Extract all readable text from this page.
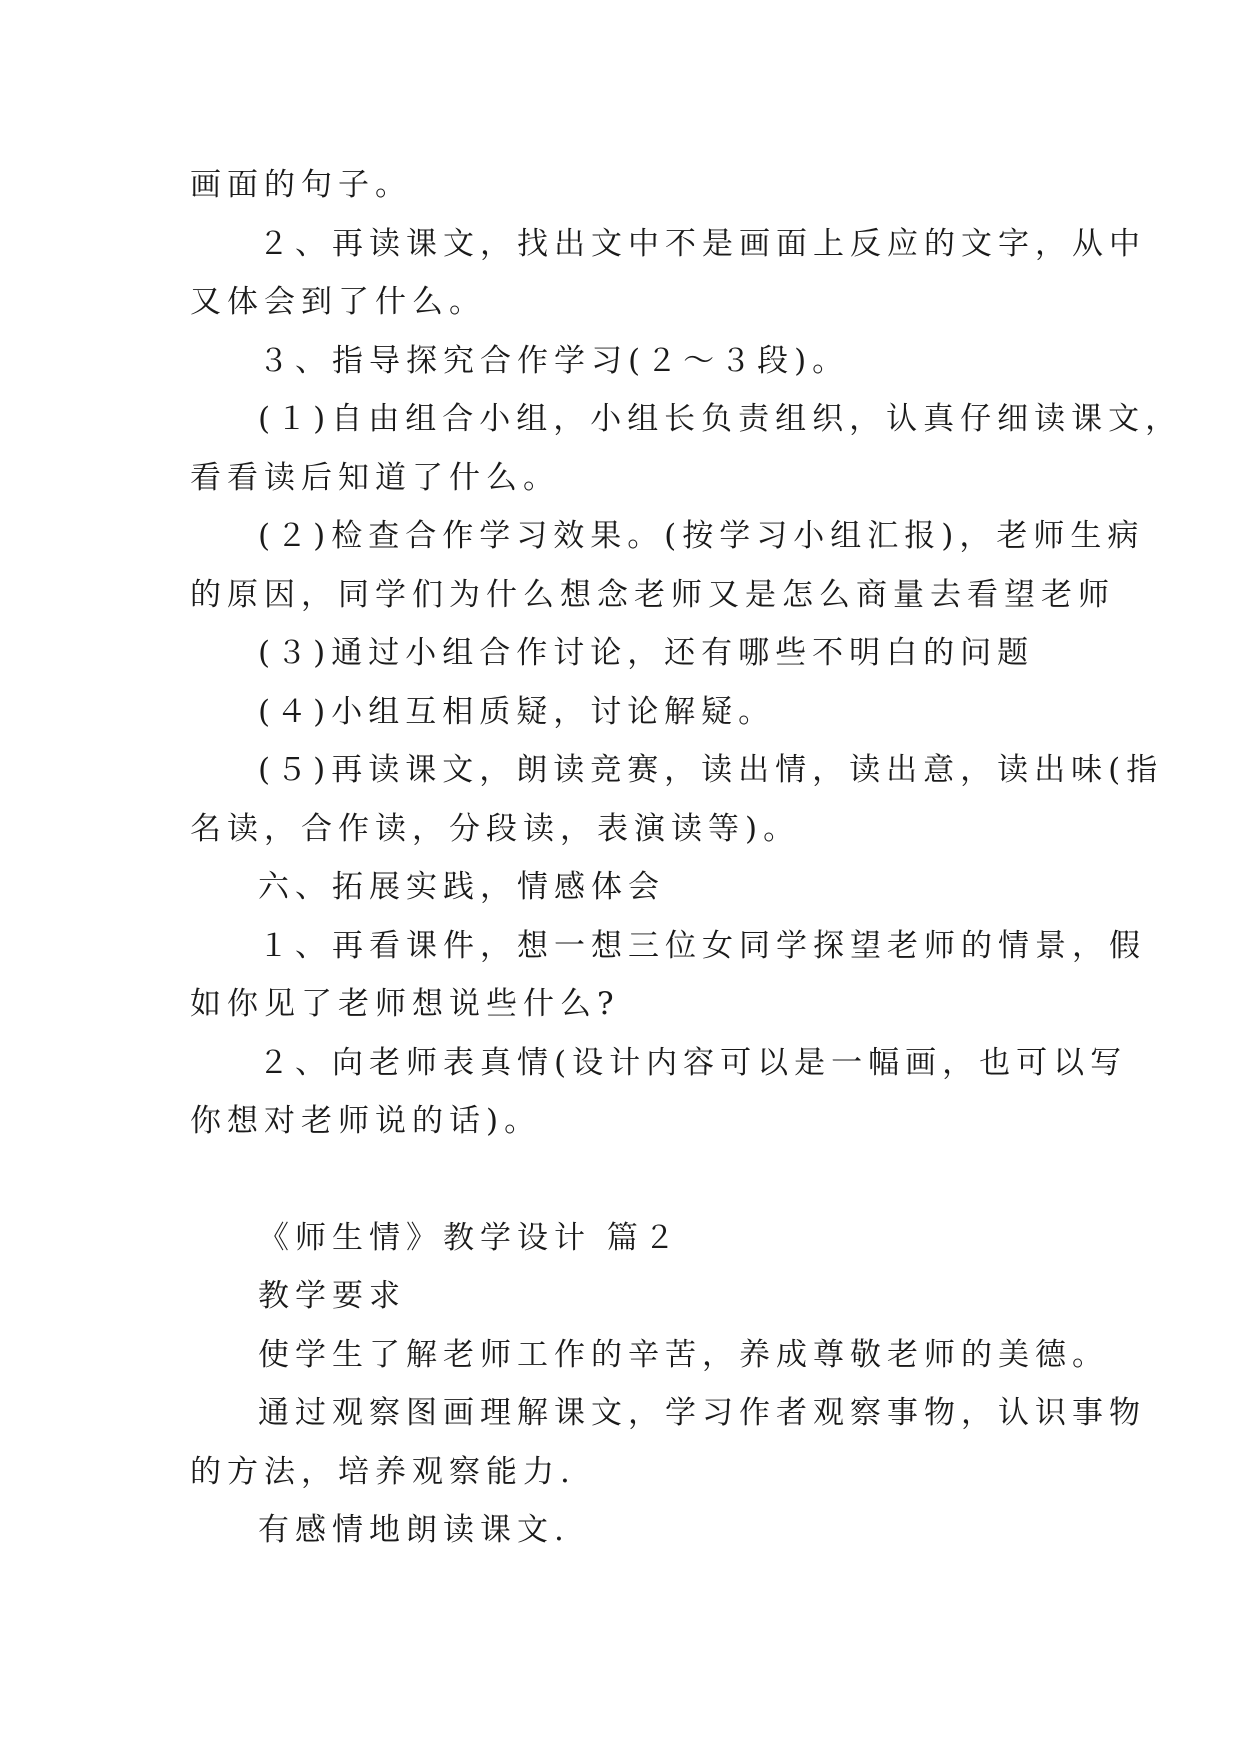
画面的句子。
２、再读课文，找出文中不是画面上反应的文字，从中
又体会到了什么。
３、指导探究合作学习(２～３段)。
(１)自由组合小组，小组长负责组织，认真仔细读课文，
看看读后知道了什么。
(２)检查合作学习效果。(按学习小组汇报)，老师生病
的原因，同学们为什么想念老师又是怎么商量去看望老师
(３)通过小组合作讨论，还有哪些不明白的问题
(４)小组互相质疑，讨论解疑。
(５)再读课文，朗读竞赛，读出情，读出意，读出味(指
名读，合作读，分段读，表演读等)。
六、拓展实践，情感体会
１、再看课件，想一想三位女同学探望老师的情景，假
如你见了老师想说些什么?
２、向老师表真情(设计内容可以是一幅画，也可以写
你想对老师说的话)。
《师生情》教学设计 篇２
教学要求
使学生了解老师工作的辛苦，养成尊敬老师的美德。
通过观察图画理解课文，学习作者观察事物，认识事物
的方法，培养观察能力.
有感情地朗读课文.
